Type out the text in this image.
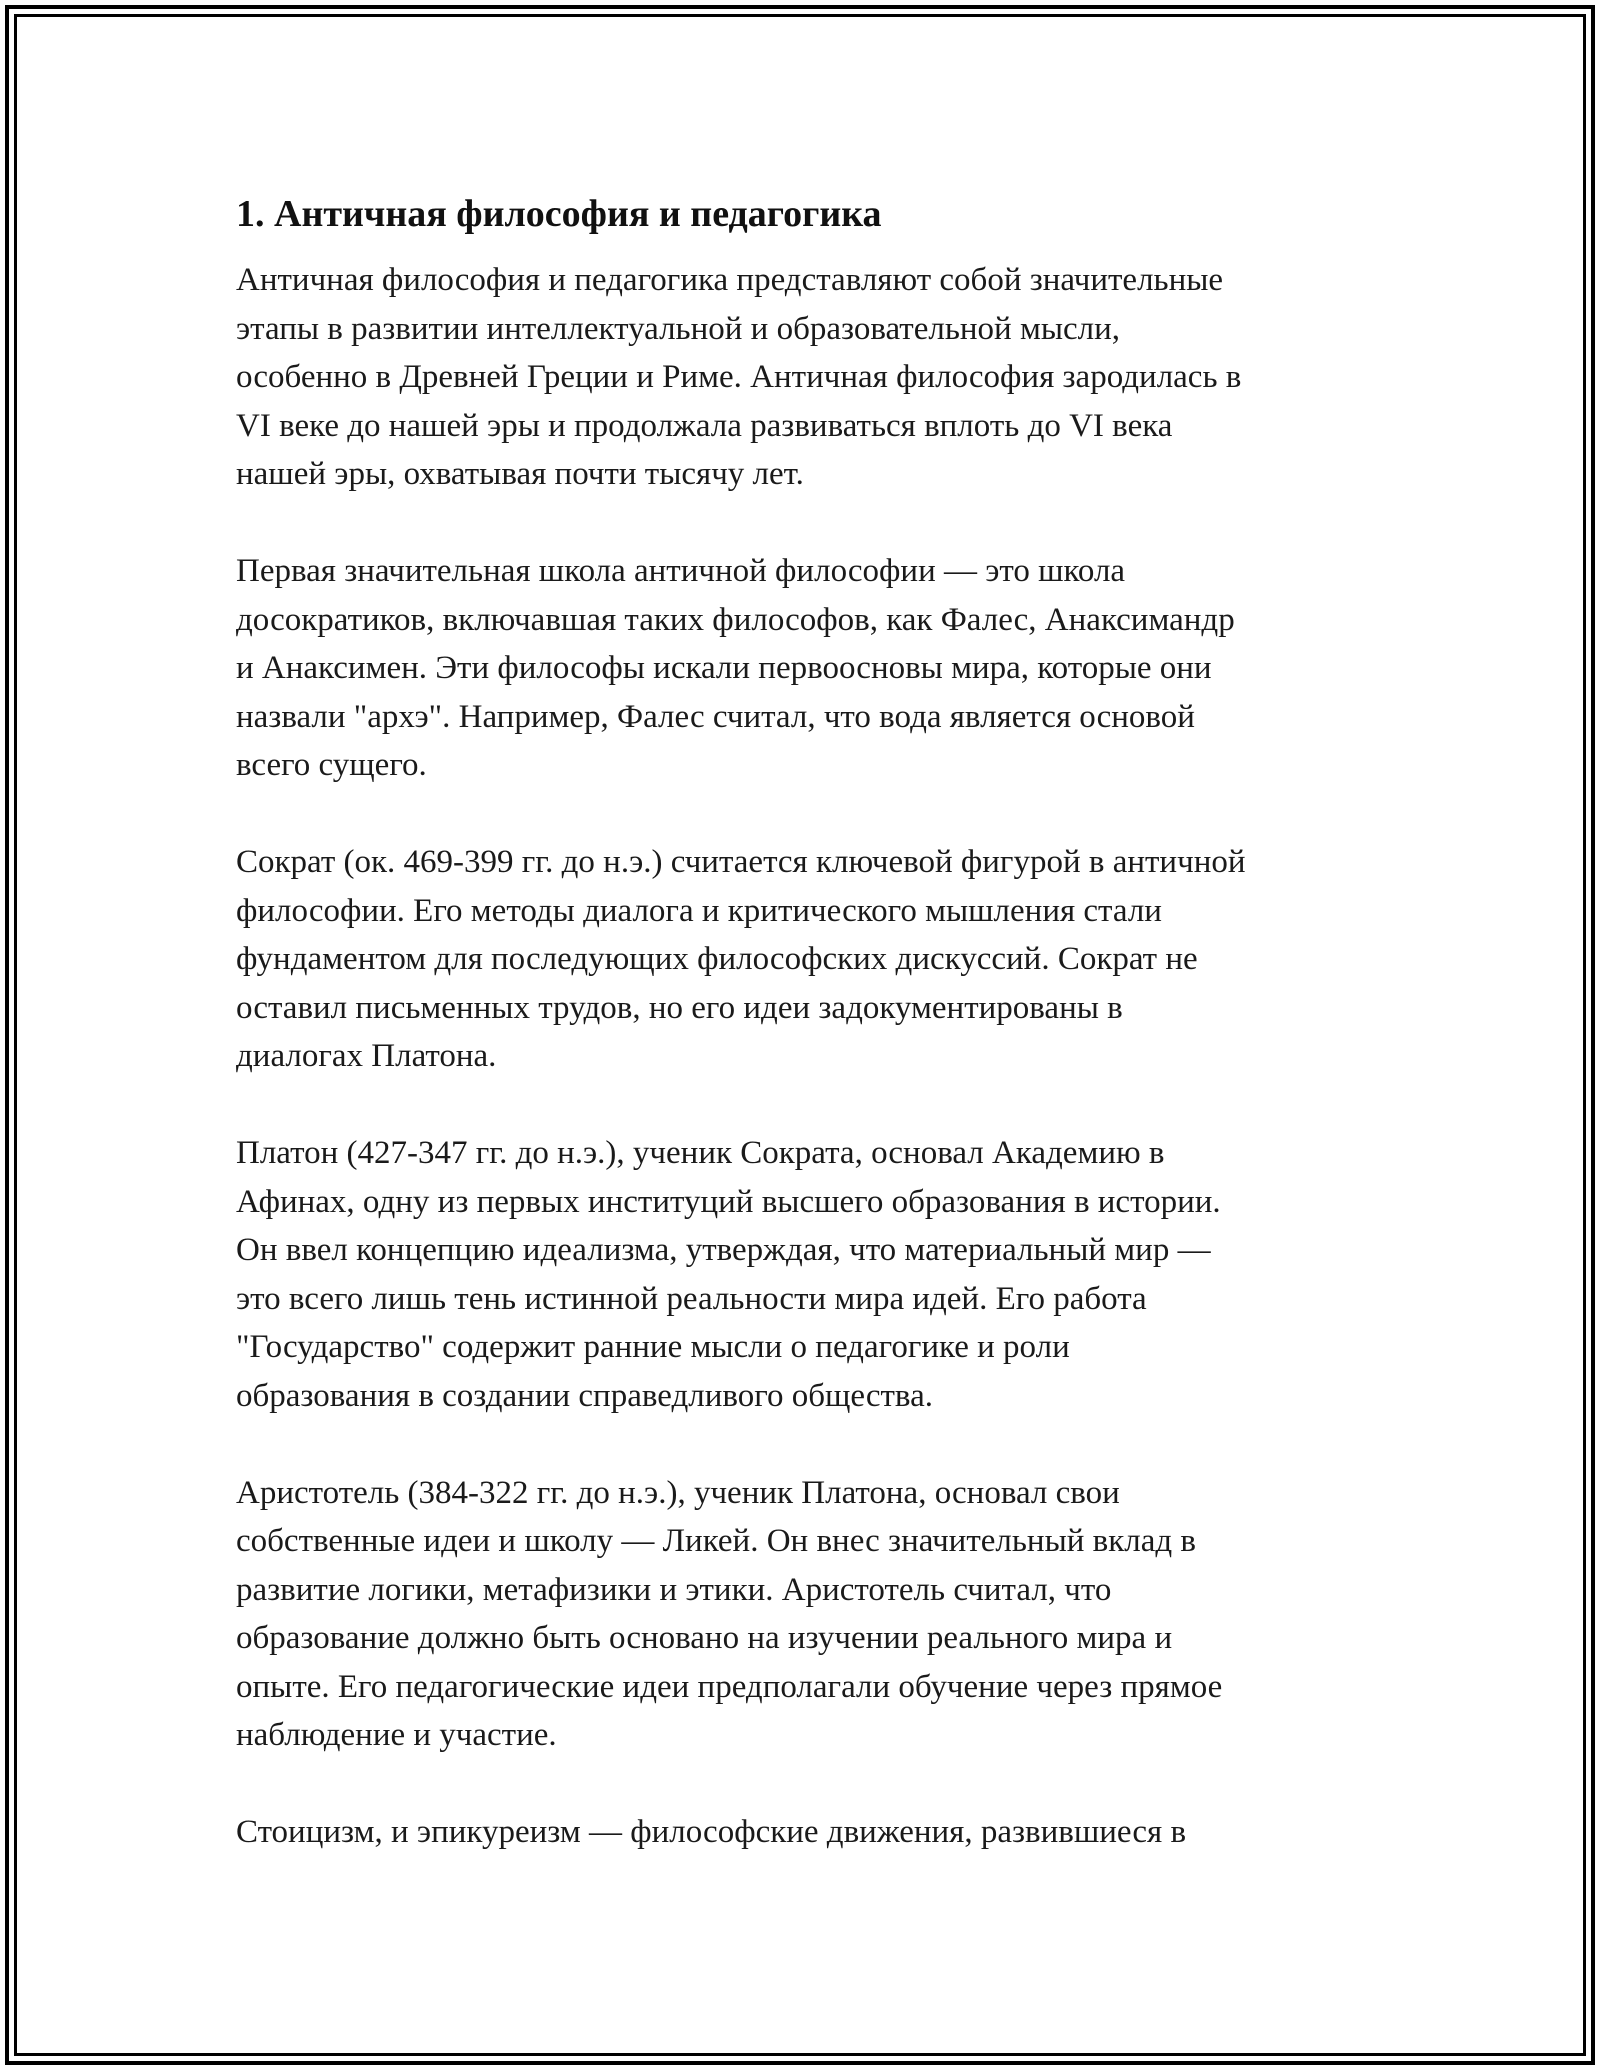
1. Античная философия и педагогика

Античная философия и педагогика представляют собой значительные
этапы в развитии интеллектуальной и образовательной мысли,
особенно в Древней Греции и Риме. Античная философия зародилась в
VI веке до нашей эры и продолжала развиваться вплоть до VI века
нашей эры, охватывая почти тысячу лет.

Первая значительная школа античной философии — это школа
досократиков, включавшая таких философов, как Фалес, Анаксимандр
и Анаксимен. Эти философы искали первоосновы мира, которые они
назвали "архэ". Например, Фалес считал, что вода является основой
всего сущего.

Сократ (ок. 469-399 гг. до н.э.) считается ключевой фигурой в античной
философии. Его методы диалога и критического мышления стали
фундаментом для последующих философских дискуссий. Сократ не
оставил письменных трудов, но его идеи задокументированы в
диалогах Платона.

Платон (427-347 гг. до н.э.), ученик Сократа, основал Академию в
Афинах, одну из первых институций высшего образования в истории.
Он ввел концепцию идеализма, утверждая, что материальный мир —
это всего лишь тень истинной реальности мира идей. Его работа
"Государство" содержит ранние мысли о педагогике и роли
образования в создании справедливого общества.

Аристотель (384-322 гг. до н.э.), ученик Платона, основал свои
собственные идеи и школу — Ликей. Он внес значительный вклад в
развитие логики, метафизики и этики. Аристотель считал, что
образование должно быть основано на изучении реального мира и
опыте. Его педагогические идеи предполагали обучение через прямое
наблюдение и участие.

Стоицизм, и эпикуреизм — философские движения, развившиеся в
